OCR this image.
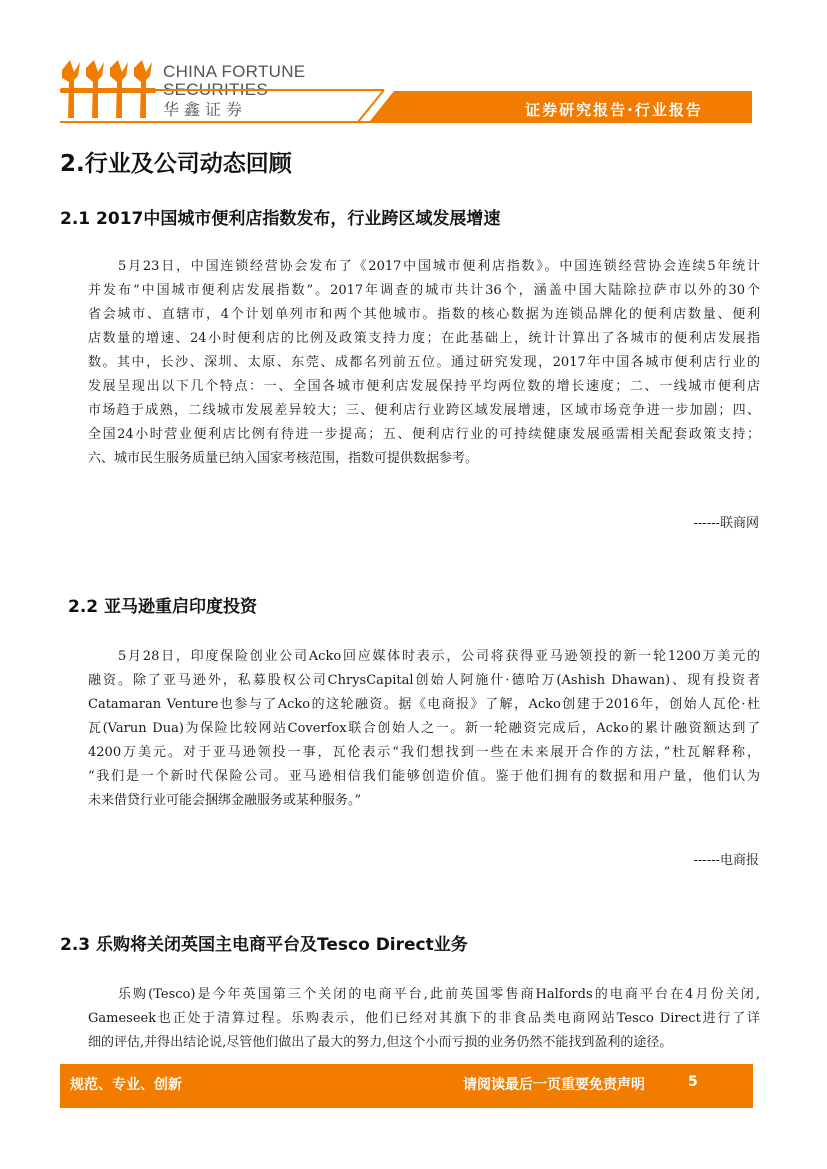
CHINA FORTUNE
SECURITIES
华鑫证券	证券研究报告·行业报告
2.行业及公司动态回顾
2.1 2017中国城市便利店指数发布，行业跨区域发展增速
5月23日，中国连锁经营协会发布了《2017中国城市便利店指数》。中国连锁经营协会连续5年统计
并发布“中国城市便利店发展指数”。2017年调查的城市共计36个，涵盖中国大陆除拉萨市以外的30个
省会城市、直辖市，4个计划单列市和两个其他城市。指数的核心数据为连锁品牌化的便利店数量、便利
店数量的增速、24小时便利店的比例及政策支持力度；在此基础上，统计计算出了各城市的便利店发展指
数。其中，长沙、深圳、太原、东莞、成都名列前五位。通过研究发现，2017年中国各城市便利店行业的
发展呈现出以下几个特点：一、全国各城市便利店发展保持平均两位数的增长速度；二、一线城市便利店
市场趋于成熟，二线城市发展差异较大；三、便利店行业跨区域发展增速，区域市场竞争进一步加剧；四、
全国24小时营业便利店比例有待进一步提高；五、便利店行业的可持续健康发展亟需相关配套政策支持；
六、城市民生服务质量已纳入国家考核范围，指数可提供数据参考。
------联商网
2.2 亚马逊重启印度投资
5月28日，印度保险创业公司Acko回应媒体时表示，公司将获得亚马逊领投的新一轮1200万美元的
融资。除了亚马逊外，私募股权公司ChrysCapital创始人阿施什·德哈万(Ashish Dhawan)、现有投资者
Catamaran Venture也参与了Acko的这轮融资。据《电商报》了解，Acko创建于2016年，创始人瓦伦·杜
瓦(Varun Dua)为保险比较网站Coverfox联合创始人之一。新一轮融资完成后，Acko的累计融资额达到了
4200万美元。对于亚马逊领投一事，瓦伦表示“我们想找到一些在未来展开合作的方法，”杜瓦解释称，
“我们是一个新时代保险公司。亚马逊相信我们能够创造价值。鉴于他们拥有的数据和用户量，他们认为
未来借贷行业可能会捆绑金融服务或某种服务。”
------电商报
2.3 乐购将关闭英国主电商平台及Tesco Direct业务
乐购(Tesco)是今年英国第三个关闭的电商平台,此前英国零售商Halfords的电商平台在4月份关闭,
Gameseek也正处于清算过程。乐购表示，他们已经对其旗下的非食品类电商网站Tesco Direct进行了详
细的评估,并得出结论说,尽管他们做出了最大的努力,但这个小而亏损的业务仍然不能找到盈利的途径。
规范、专业、创新	请阅读最后一页重要免责声明	5
